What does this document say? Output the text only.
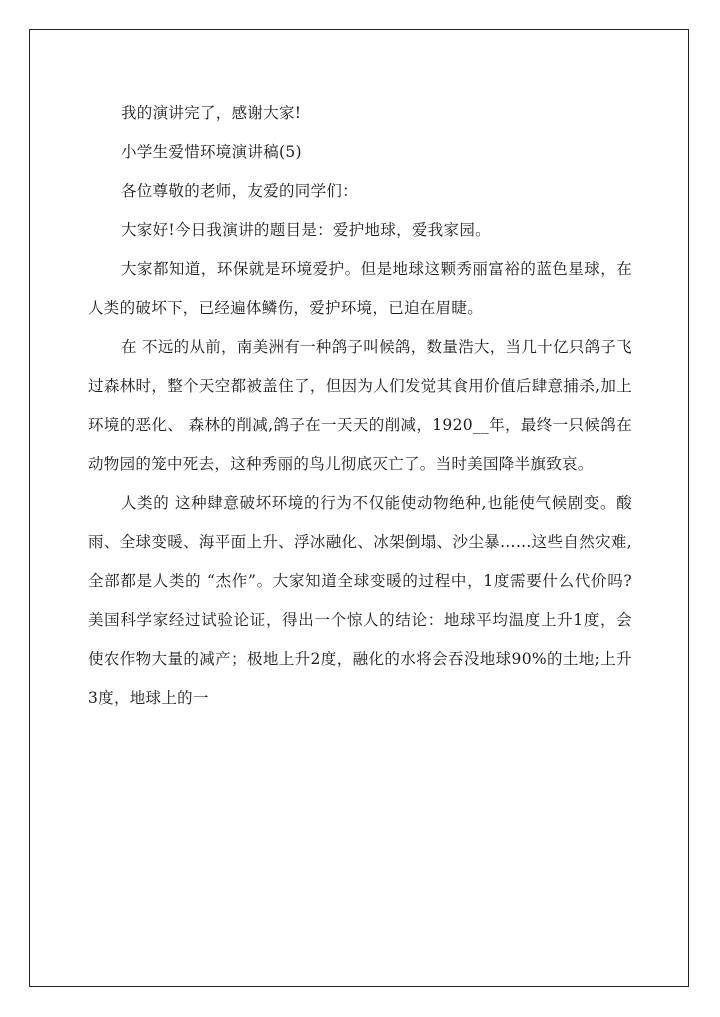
我的演讲完了，感谢大家!

小学生爱惜环境演讲稿(5)

各位尊敬的老师，友爱的同学们：

大家好!今日我演讲的题目是：爱护地球，爱我家园。

大家都知道，环保就是环境爱护。但是地球这颗秀丽富裕的蓝色星球，在人类的破坏下，已经遍体鳞伤，爱护环境，已迫在眉睫。

在 不远的从前，南美洲有一种鸽子叫候鸽，数量浩大，当几十亿只鸽子飞过森林时，整个天空都被盖住了，但因为人们发觉其食用价值后肆意捕杀,加上环境的恶化、 森林的削减,鸽子在一天天的削减，1920__年，最终一只候鸽在动物园的笼中死去，这种秀丽的鸟儿彻底灭亡了。当时美国降半旗致哀。

人类的 这种肆意破坏环境的行为不仅能使动物绝种,也能使气候剧变。酸雨、全球变暖、海平面上升、浮冰融化、冰架倒塌、沙尘暴……这些自然灾难,全部都是人类的 “杰作”。大家知道全球变暖的过程中，1度需要什么代价吗?美国科学家经过试验论证，得出一个惊人的结论：地球平均温度上升1度，会使农作物大量的减产；极地上升2度，融化的水将会吞没地球90%的土地;上升3度，地球上的一
